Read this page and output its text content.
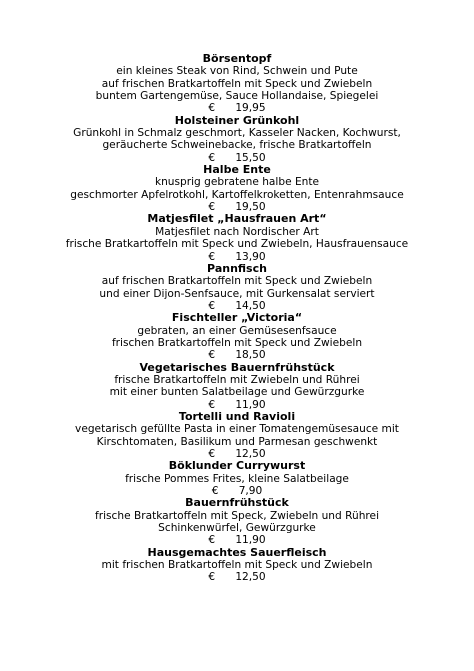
Börsentopf
ein kleines Steak von Rind, Schwein und Pute
auf frischen Bratkartoffeln mit Speck und Zwiebeln
buntem Gartengemüse, Sauce Hollandaise, Spiegelei
€ 19,95
Holsteiner Grünkohl
Grünkohl in Schmalz geschmort, Kasseler Nacken, Kochwurst,
geräucherte Schweinebacke, frische Bratkartoffeln
€ 15,50
Halbe Ente
knusprig gebratene halbe Ente
geschmorter Apfelrotkohl, Kartoffelkroketten, Entenrahmsauce
€ 19,50
Matjesfilet „Hausfrauen Art“
Matjesfilet nach Nordischer Art
frische Bratkartoffeln mit Speck und Zwiebeln, Hausfrauensauce
€ 13,90
Pannfisch
auf frischen Bratkartoffeln mit Speck und Zwiebeln
und einer Dijon-Senfsauce, mit Gurkensalat serviert
€ 14,50
Fischteller „Victoria“
gebraten, an einer Gemüsesenfsauce
frischen Bratkartoffeln mit Speck und Zwiebeln
€ 18,50
Vegetarisches Bauernfrühstück
frische Bratkartoffeln mit Zwiebeln und Rührei
mit einer bunten Salatbeilage und Gewürzgurke
€ 11,90
Tortelli und Ravioli
vegetarisch gefüllte Pasta in einer Tomatengemüsesauce mit
Kirschtomaten, Basilikum und Parmesan geschwenkt
€ 12,50
Böklunder Currywurst
frische Pommes Frites, kleine Salatbeilage
€ 7,90
Bauernfrühstück
frische Bratkartoffeln mit Speck, Zwiebeln und Rührei
Schinkenwürfel, Gewürzgurke
€ 11,90
Hausgemachtes Sauerfleisch
mit frischen Bratkartoffeln mit Speck und Zwiebeln
€ 12,50
